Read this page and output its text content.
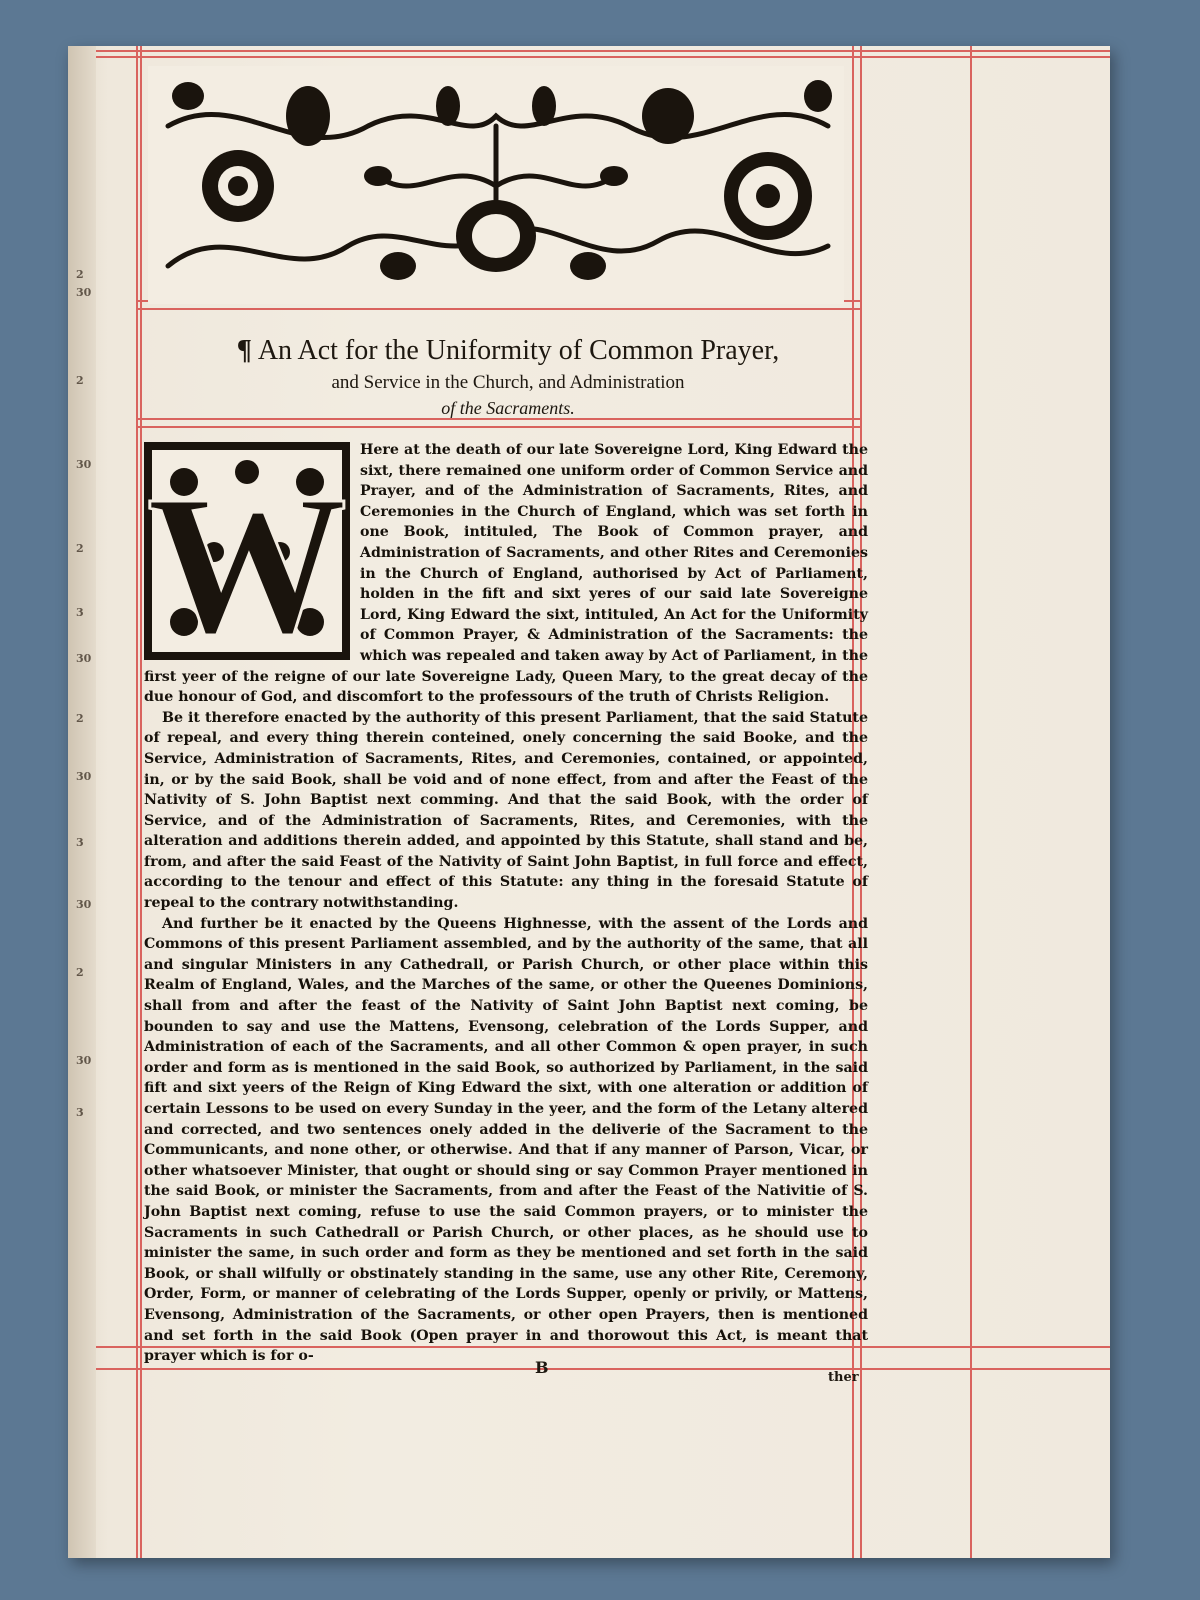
2
30
2
30
2
3
30
2
30
3
30
2
30
3
¶ An Act for the Uniformity of Common Prayer,
and Service in the Church, and Administration
of the Sacraments.
W

Here at the death of our late Sovereigne Lord, King Edward the sixt, there remained one uniform order of Common Service and Prayer, and of the Administration of Sacraments, Rites, and Ceremonies in the Church of England, which was set forth in one Book, intituled, The Book of Common prayer, and Administration of Sacraments, and other Rites and Ceremonies in the Church of England, authorised by Act of Parliament, holden in the fift and sixt yeres of our said late Sovereigne Lord, King Edward the sixt, intituled, An Act for the Uniformity of Common Prayer, & Administration of the Sacraments: the which was repealed and taken away by Act of Parliament, in the first yeer of the reigne of our late Sovereigne Lady, Queen Mary, to the great decay of the due honour of God, and discomfort to the professours of the truth of Christs Religion.

Be it therefore enacted by the authority of this present Parliament, that the said Statute of repeal, and every thing therein conteined, onely concerning the said Booke, and the Service, Administration of Sacraments, Rites, and Ceremonies, contained, or appointed, in, or by the said Book, shall be void and of none effect, from and after the Feast of the Nativity of S. John Baptist next comming. And that the said Book, with the order of Service, and of the Administration of Sacraments, Rites, and Ceremonies, with the alteration and additions therein added, and appointed by this Statute, shall stand and be, from, and after the said Feast of the Nativity of Saint John Baptist, in full force and effect, according to the tenour and effect of this Statute: any thing in the foresaid Statute of repeal to the contrary notwithstanding.

And further be it enacted by the Queens Highnesse, with the assent of the Lords and Commons of this present Parliament assembled, and by the authority of the same, that all and singular Ministers in any Cathedrall, or Parish Church, or other place within this Realm of England, Wales, and the Marches of the same, or other the Queenes Dominions, shall from and after the feast of the Nativity of Saint John Baptist next coming, be bounden to say and use the Mattens, Evensong, celebration of the Lords Supper, and Administration of each of the Sacraments, and all other Common & open prayer, in such order and form as is mentioned in the said Book, so authorized by Parliament, in the said fift and sixt yeers of the Reign of King Edward the sixt, with one alteration or addition of certain Lessons to be used on every Sunday in the yeer, and the form of the Letany altered and corrected, and two sentences onely added in the deliverie of the Sacrament to the Communicants, and none other, or otherwise. And that if any manner of Parson, Vicar, or other whatsoever Minister, that ought or should sing or say Common Prayer mentioned in the said Book, or minister the Sacraments, from and after the Feast of the Nativitie of S. John Baptist next coming, refuse to use the said Common prayers, or to minister the Sacraments in such Cathedrall or Parish Church, or other places, as he should use to minister the same, in such order and form as they be mentioned and set forth in the said Book, or shall wilfully or obstinately standing in the same, use any other Rite, Ceremony, Order, Form, or manner of celebrating of the Lords Supper, openly or privily, or Mattens, Evensong, Administration of the Sacraments, or other open Prayers, then is mentioned and set forth in the said Book (Open prayer in and thorowout this Act, is meant that prayer which is for o-

B
ther
